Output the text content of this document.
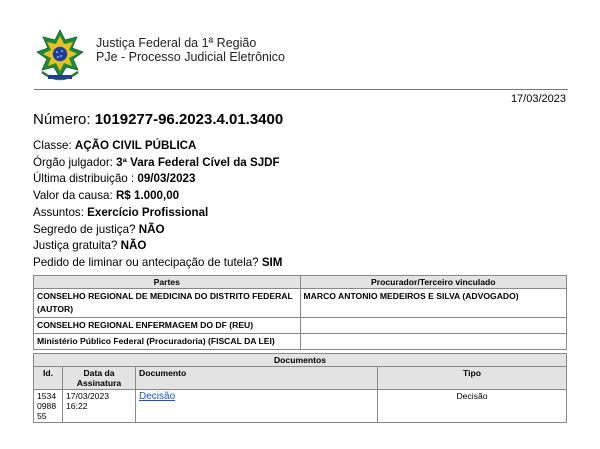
Justiça Federal da 1ª Região
PJe - Processo Judicial Eletrônico
17/03/2023
Número: 1019277-96.2023.4.01.3400
Classe: AÇÃO CIVIL PÚBLICA
Órgão julgador: 3ª Vara Federal Cível da SJDF
Última distribuição : 09/03/2023
Valor da causa: R$ 1.000,00
Assuntos: Exercício Profissional
Segredo de justiça? NÃO
Justiça gratuita? NÃO
Pedido de liminar ou antecipação de tutela? SIM
Partes	Procurador/Terceiro vinculado
CONSELHO REGIONAL DE MEDICINA DO DISTRITO FEDERAL (AUTOR)	MARCO ANTONIO MEDEIROS E SILVA (ADVOGADO)
CONSELHO REGIONAL ENFERMAGEM DO DF (REU)	
Ministério Público Federal (Procuradoria) (FISCAL DA LEI)	
Documentos			
Id.	Data da Assinatura	Documento	Tipo
1534098855	17/03/2023 16:22	Decisão	Decisão
